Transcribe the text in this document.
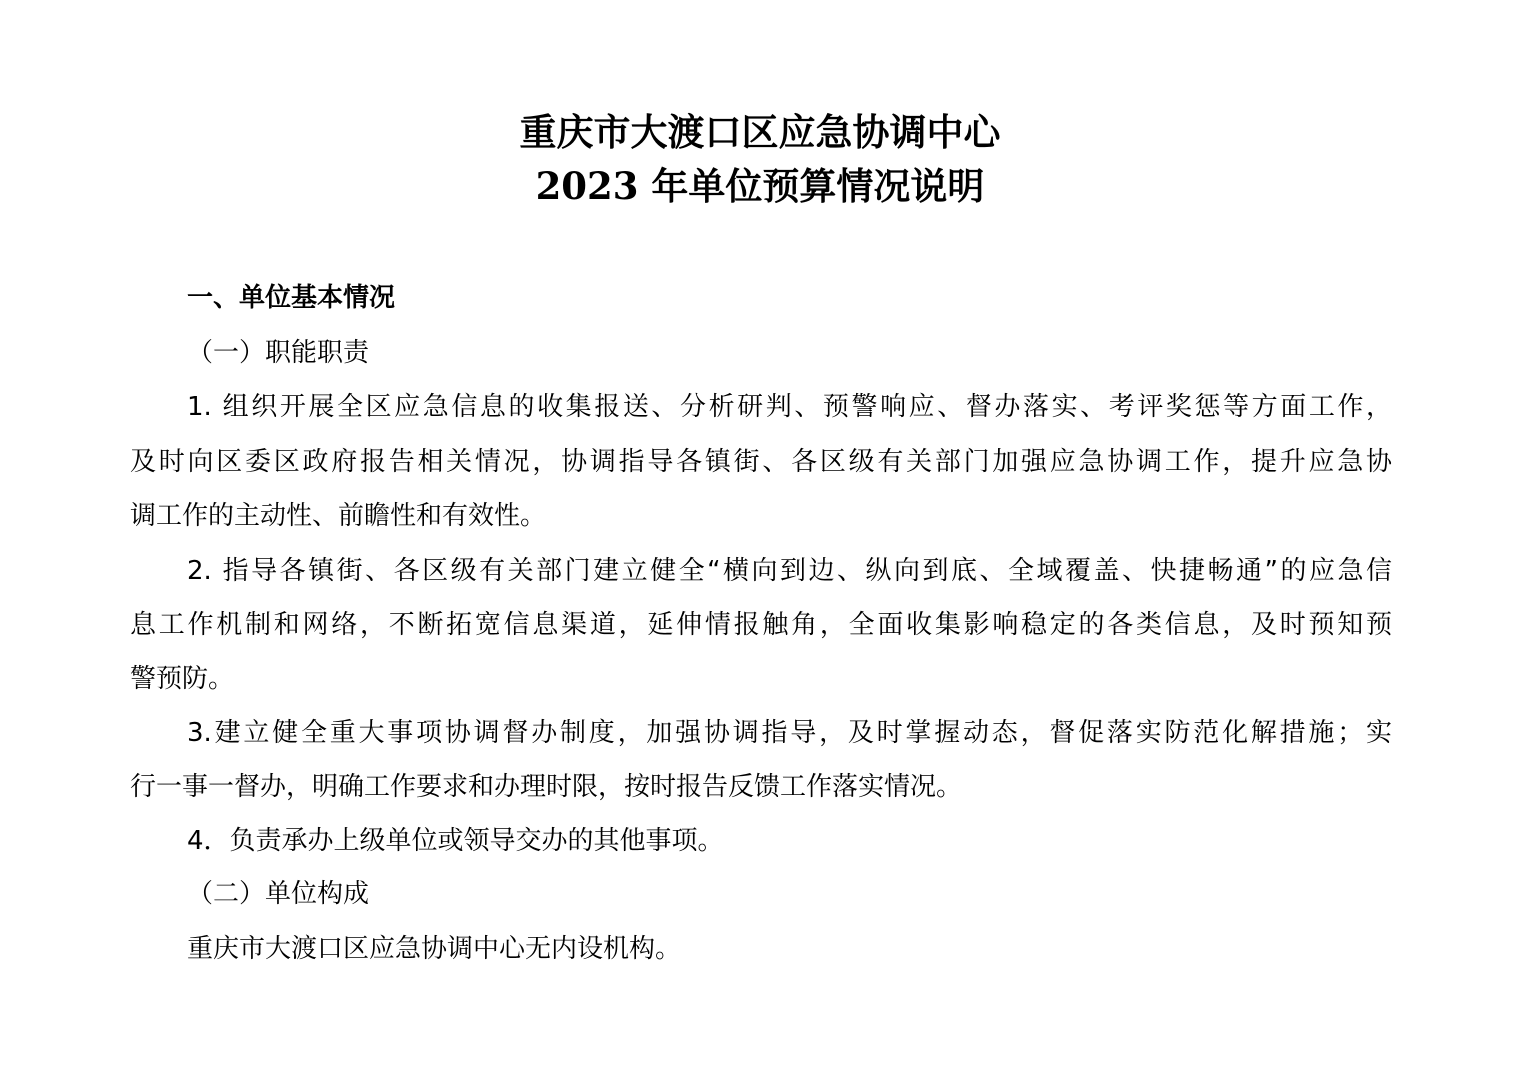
重庆市大渡口区应急协调中心
2023 年单位预算情况说明
一、单位基本情况
（一）职能职责
1. 组织开展全区应急信息的收集报送、分析研判、预警响应、督办落实、考评奖惩等方面工作，
及时向区委区政府报告相关情况，协调指导各镇街、各区级有关部门加强应急协调工作，提升应急协
调工作的主动性、前瞻性和有效性。
2. 指导各镇街、各区级有关部门建立健全“横向到边、纵向到底、全域覆盖、快捷畅通”的应急信
息工作机制和网络，不断拓宽信息渠道，延伸情报触角，全面收集影响稳定的各类信息，及时预知预
警预防。
3.建立健全重大事项协调督办制度，加强协调指导，及时掌握动态，督促落实防范化解措施；实
行一事一督办，明确工作要求和办理时限，按时报告反馈工作落实情况。
4．负责承办上级单位或领导交办的其他事项。
（二）单位构成
重庆市大渡口区应急协调中心无内设机构。
